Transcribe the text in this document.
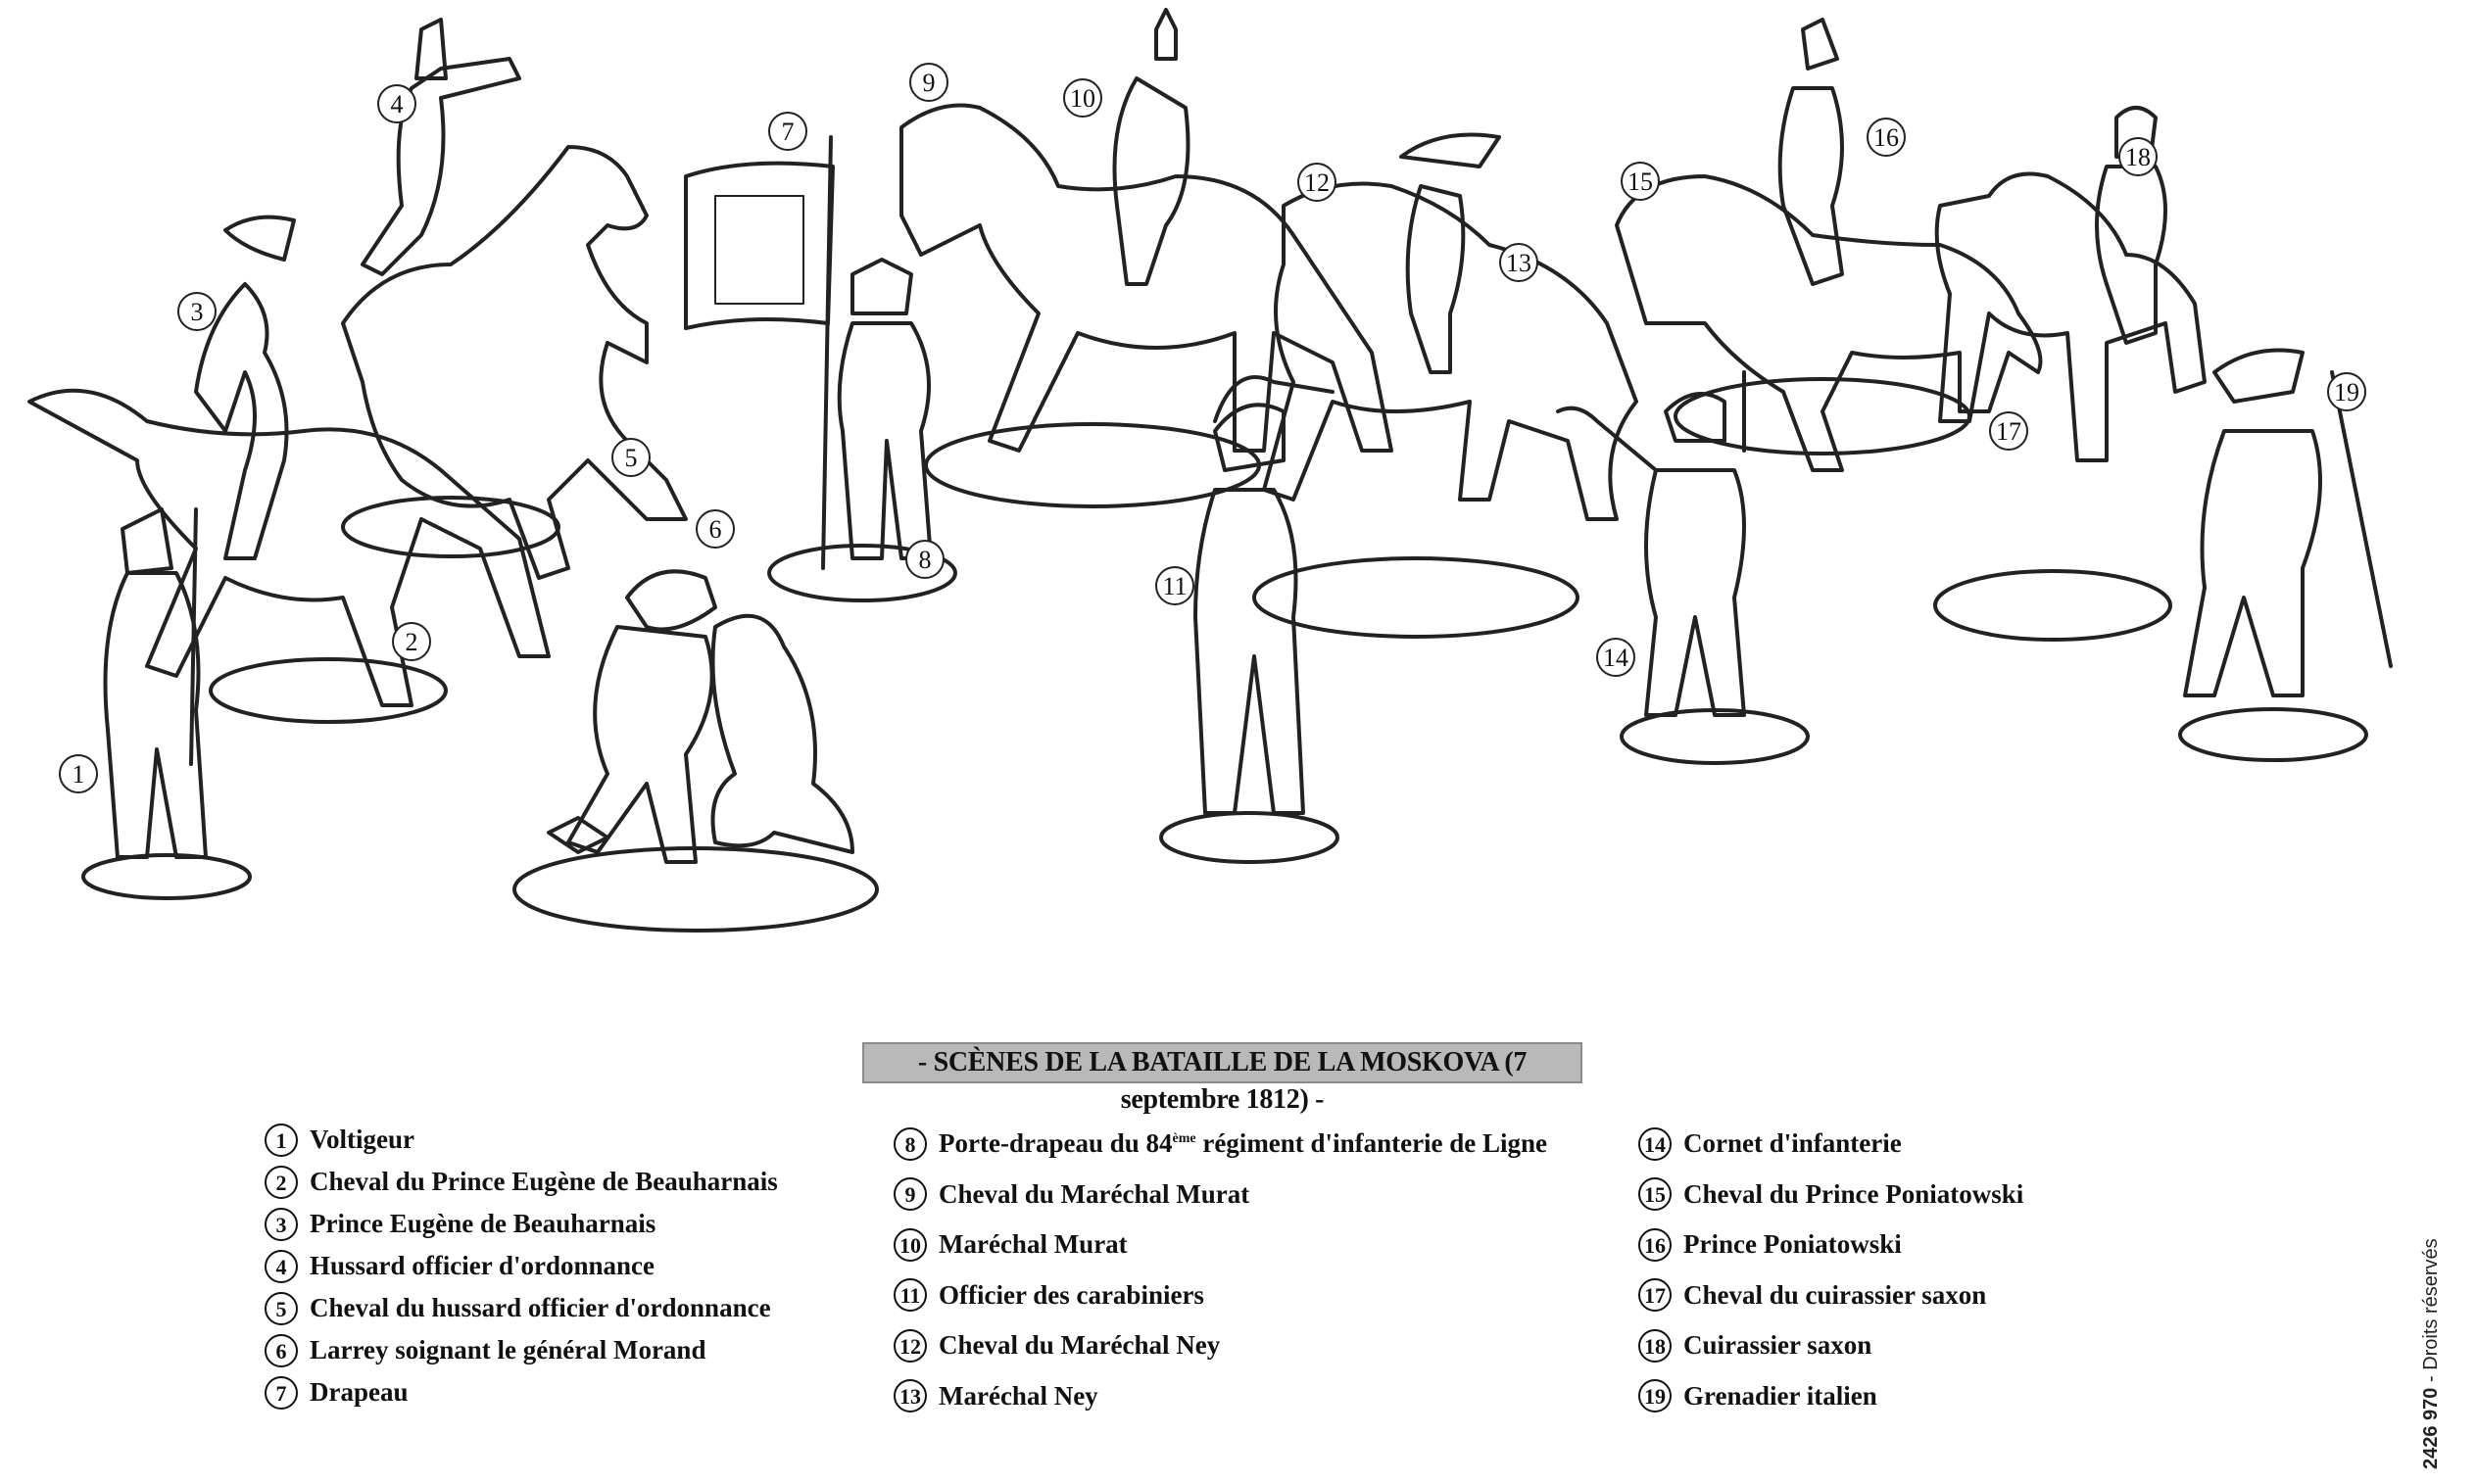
1
2
3
4
5
6
7
8
9
10
11
12
13
14
15
16
17
18
19
- SCÈNES DE LA BATAILLE DE LA MOSKOVA (7 septembre 1812) -
1 Voltigeur
2 Cheval du Prince Eugène de Beauharnais
3 Prince Eugène de Beauharnais
4 Hussard officier d'ordonnance
5 Cheval du hussard officier d'ordonnance
6 Larrey soignant le général Morand
7 Drapeau
8 Porte-drapeau du 84ème régiment d'infanterie de Ligne
9 Cheval du Maréchal Murat
10 Maréchal Murat
11 Officier des carabiniers
12 Cheval du Maréchal Ney
13 Maréchal Ney
14 Cornet d'infanterie
15 Cheval du Prince Poniatowski
16 Prince Poniatowski
17 Cheval du cuirassier saxon
18 Cuirassier saxon
19 Grenadier italien	2426 970 - Droits réservés
